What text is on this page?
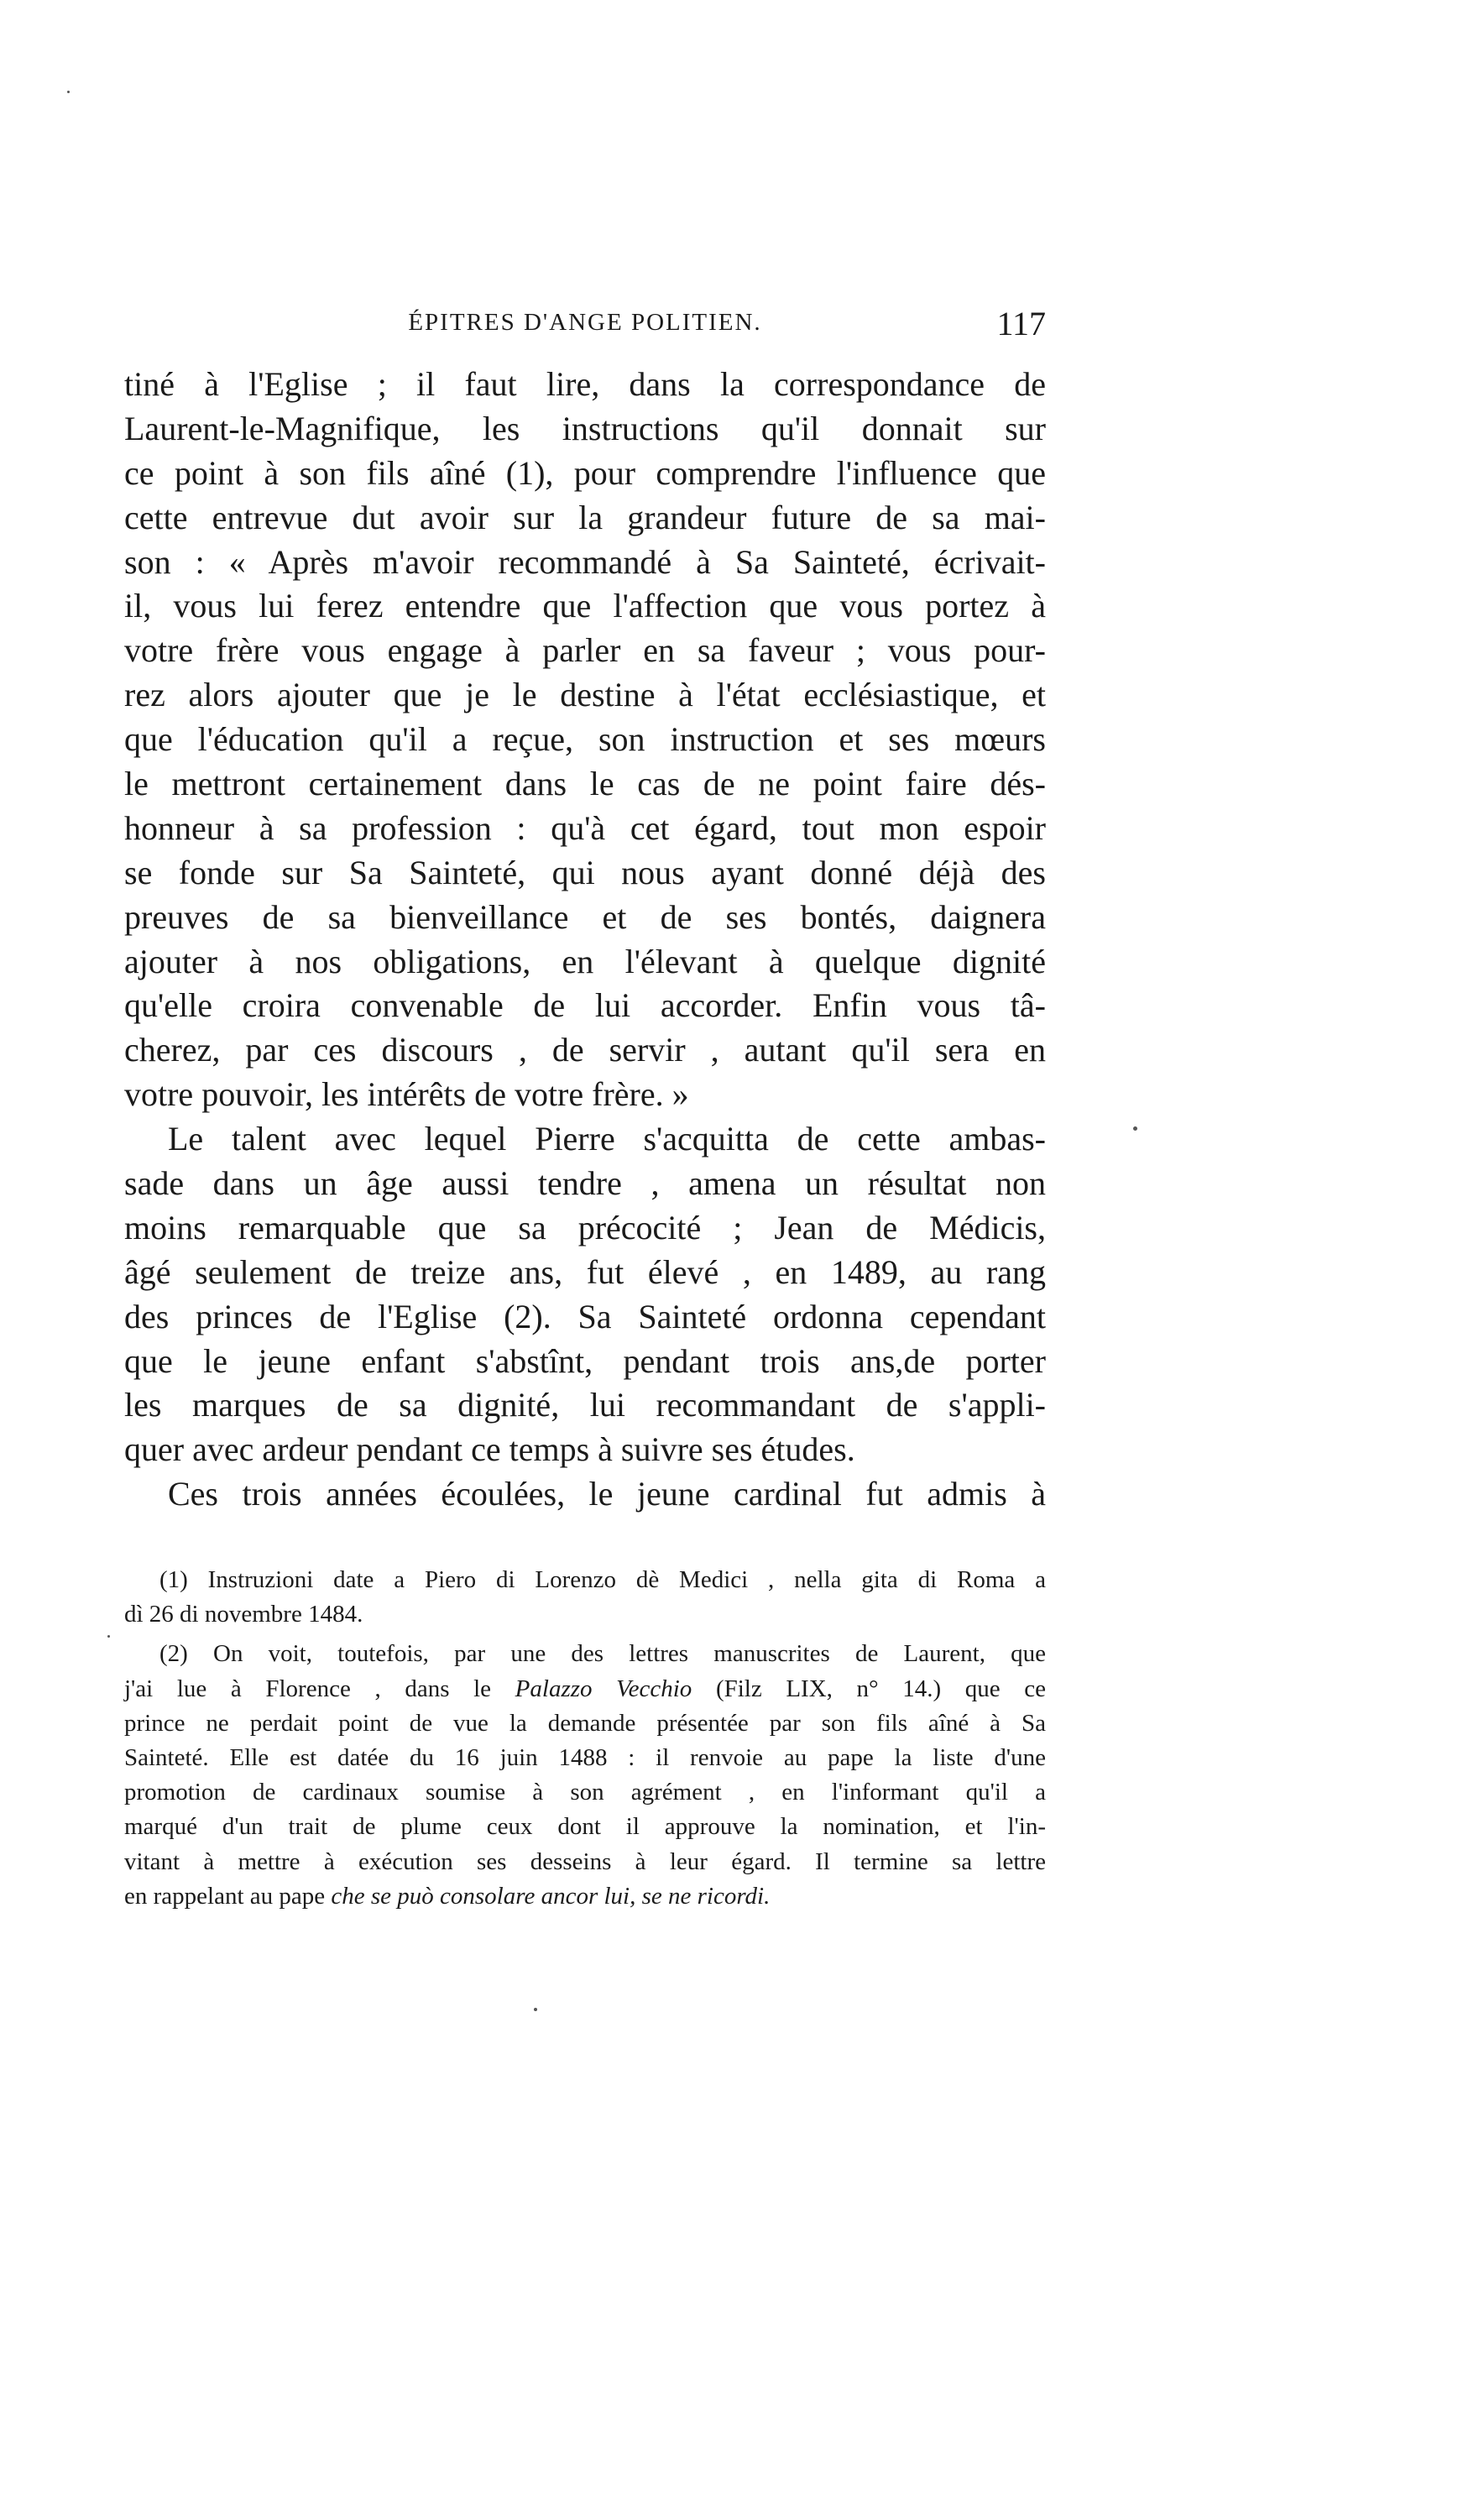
ÉPITRES D'ANGE POLITIEN.	117
tiné à l'Eglise ; il faut lire, dans la correspondance de
Laurent-le-Magnifique, les instructions qu'il donnait sur
ce point à son fils aîné (1), pour comprendre l'influence que
cette entrevue dut avoir sur la grandeur future de sa mai-
son : « Après m'avoir recommandé à Sa Sainteté, écrivait-
il, vous lui ferez entendre que l'affection que vous portez à
votre frère vous engage à parler en sa faveur ; vous pour-
rez alors ajouter que je le destine à l'état ecclésiastique, et
que l'éducation qu'il a reçue, son instruction et ses mœurs
le mettront certainement dans le cas de ne point faire dés-
honneur à sa profession : qu'à cet égard, tout mon espoir
se fonde sur Sa Sainteté, qui nous ayant donné déjà des
preuves de sa bienveillance et de ses bontés, daignera
ajouter à nos obligations, en l'élevant à quelque dignité
qu'elle croira convenable de lui accorder. Enfin vous tâ-
cherez, par ces discours , de servir , autant qu'il sera en
votre pouvoir, les intérêts de votre frère. »
Le talent avec lequel Pierre s'acquitta de cette ambas-
sade dans un âge aussi tendre , amena un résultat non
moins remarquable que sa précocité ; Jean de Médicis,
âgé seulement de treize ans, fut élevé , en 1489, au rang
des princes de l'Eglise (2). Sa Sainteté ordonna cependant
que le jeune enfant s'abstînt, pendant trois ans,de porter
les marques de sa dignité, lui recommandant de s'appli-
quer avec ardeur pendant ce temps à suivre ses études.
Ces trois années écoulées, le jeune cardinal fut admis à
(1) Instruzioni date a Piero di Lorenzo dè Medici , nella gita di Roma a
dì 26 di novembre 1484.
(2) On voit, toutefois, par une des lettres manuscrites de Laurent, que
j'ai lue à Florence , dans le Palazzo Vecchio (Filz LIX, n° 14.) que ce
prince ne perdait point de vue la demande présentée par son fils aîné à Sa
Sainteté. Elle est datée du 16 juin 1488 : il renvoie au pape la liste d'une
promotion de cardinaux soumise à son agrément , en l'informant qu'il a
marqué d'un trait de plume ceux dont il approuve la nomination, et l'in-
vitant à mettre à exécution ses desseins à leur égard. Il termine sa lettre
en rappelant au pape che se può consolare ancor lui, se ne ricordi.
